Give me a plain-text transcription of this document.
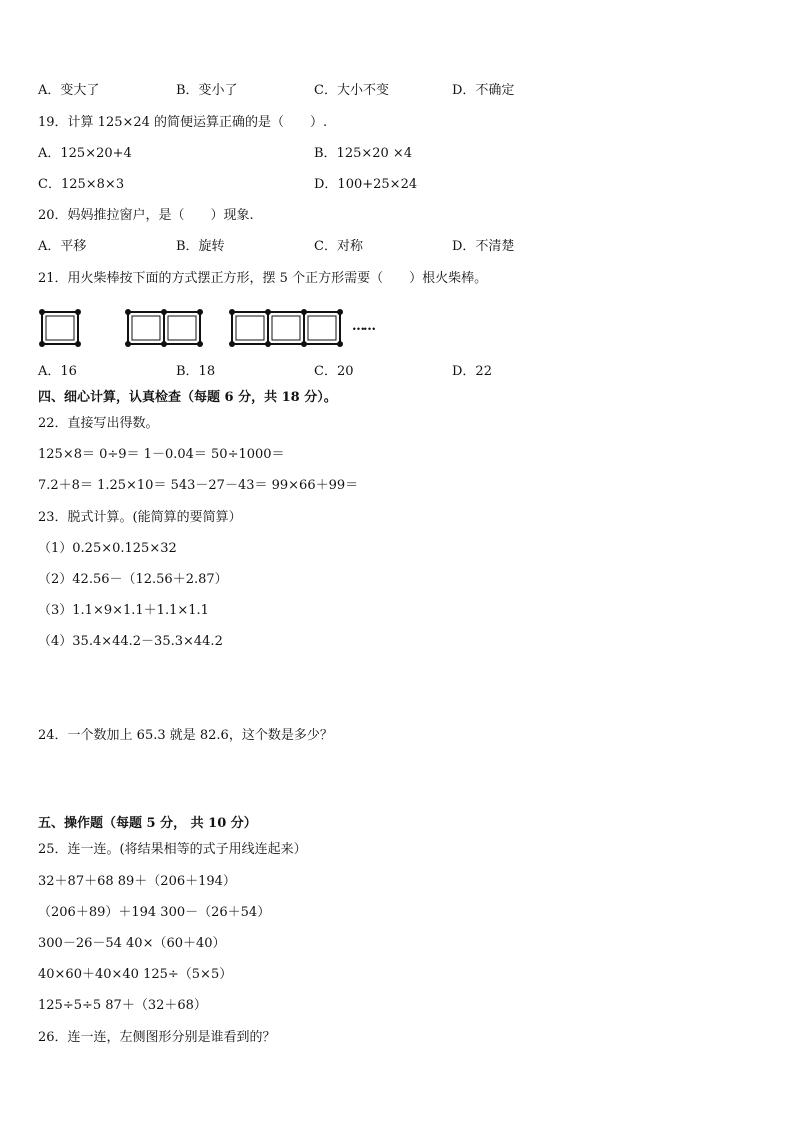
A．变大了	B．变小了	C．大小不变	D．不确定
19．计算 125×24 的简便运算正确的是（　　）.
A．125×20+4	B．125×20 ×4
C．125×8×3	D．100+25×24
20．妈妈推拉窗户，是（　　）现象.
A．平移	B．旋转	C．对称	D．不清楚
21．用火柴棒按下面的方式摆正方形，摆 5 个正方形需要（　　）根火柴棒。
……
A．16	B．18	C．20	D．22
四、细心计算，认真检查（每题 6 分，共 18 分）。
22．直接写出得数。
125×8＝ 0÷9＝ 1－0.04＝ 50÷1000＝
7.2＋8＝ 1.25×10＝ 543－27－43＝ 99×66＋99＝
23．脱式计算。(能简算的要简算）
（1）0.25×0.125×32
（2）42.56－（12.56＋2.87）
（3）1.1×9×1.1＋1.1×1.1
（4）35.4×44.2－35.3×44.2
24．一个数加上 65.3 就是 82.6，这个数是多少？
五、操作题（每题 5 分， 共 10 分）
25．连一连。(将结果相等的式子用线连起来）
32＋87＋68 89＋（206＋194）
（206＋89）＋194 300－（26＋54）
300－26－54 40×（60＋40）
40×60＋40×40 125÷（5×5）
125÷5÷5 87＋（32＋68）
26．连一连，左侧图形分别是谁看到的？
